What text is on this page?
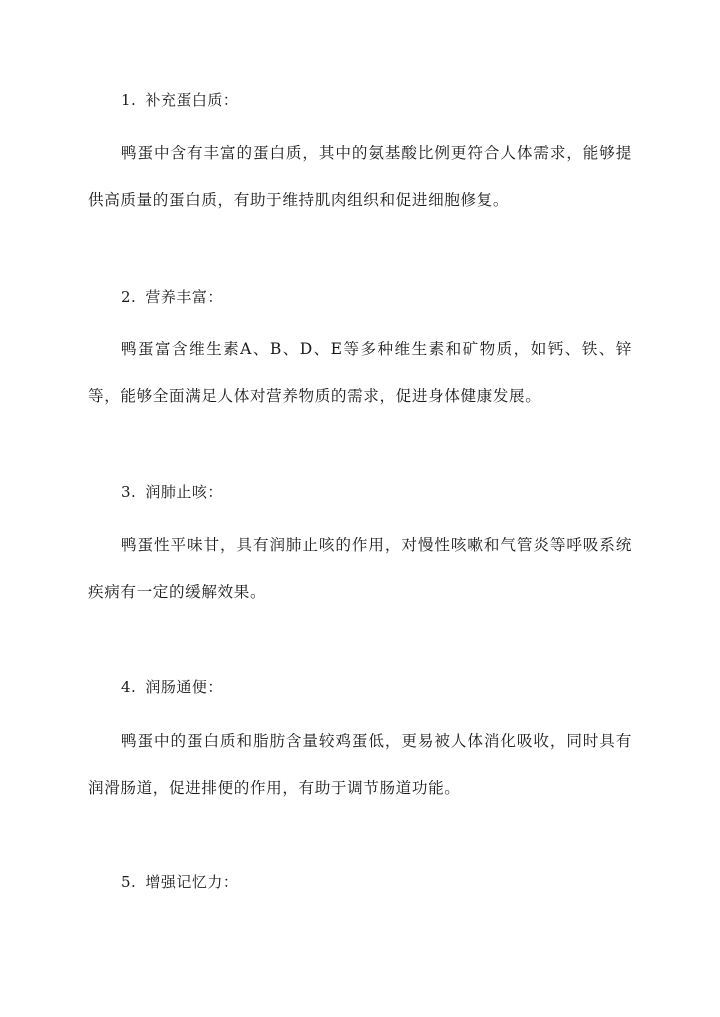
1. 补充蛋白质：

鸭蛋中含有丰富的蛋白质，其中的氨基酸比例更符合人体需求，能够提供高质量的蛋白质，有助于维持肌肉组织和促进细胞修复。

2. 营养丰富：

鸭蛋富含维生素A、B、D、E等多种维生素和矿物质，如钙、铁、锌等，能够全面满足人体对营养物质的需求，促进身体健康发展。

3. 润肺止咳：

鸭蛋性平味甘，具有润肺止咳的作用，对慢性咳嗽和气管炎等呼吸系统疾病有一定的缓解效果。

4. 润肠通便：

鸭蛋中的蛋白质和脂肪含量较鸡蛋低，更易被人体消化吸收，同时具有润滑肠道，促进排便的作用，有助于调节肠道功能。

5. 增强记忆力：
